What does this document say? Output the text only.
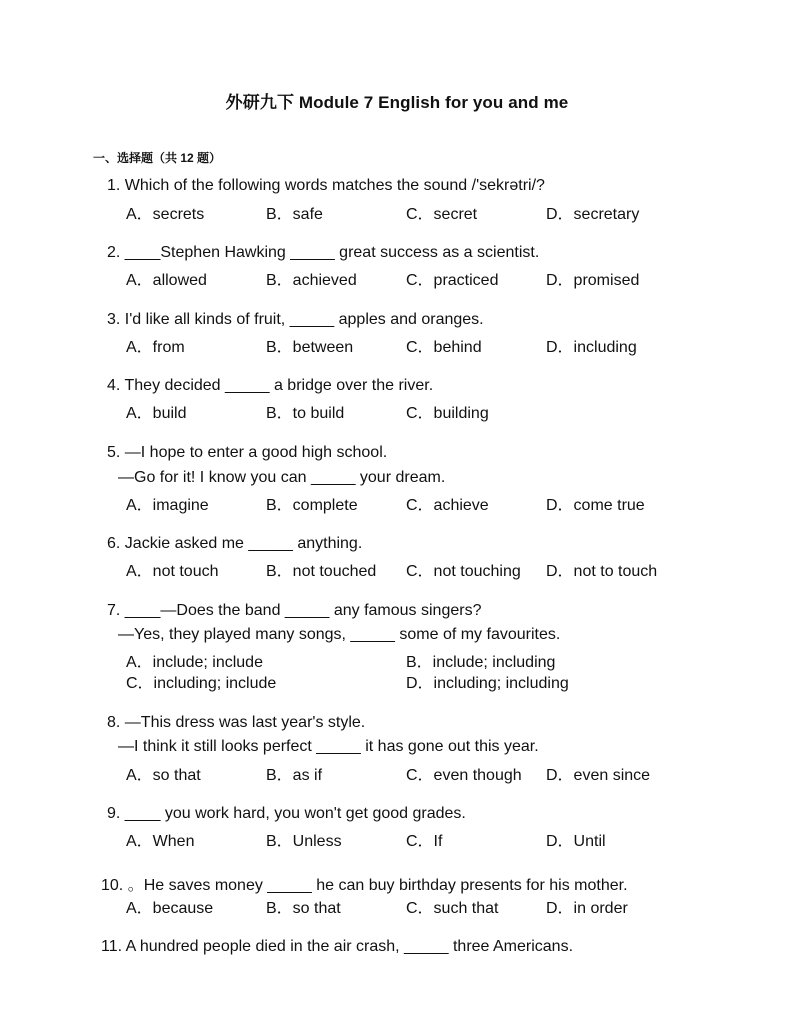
外研九下 Module 7 English for you and me
一、选择题（共 12 题）
1. Which of the following words matches the sound /'sekrətri/?
A．secrets	B．safe	C．secret	D．secretary
2. ____Stephen Hawking _____ great success as a scientist.
A．allowed	B．achieved	C．practiced	D．promised
3. I'd like all kinds of fruit, _____ apples and oranges.
A．from	B．between	C．behind	D．including
4. They decided _____ a bridge over the river.
A．build	B．to build	C．building
5. —I hope to enter a good high school.
—Go for it! I know you can _____ your dream.
A．imagine	B．complete	C．achieve	D．come true
6. Jackie asked me _____ anything.
A．not touch	B．not touched C．not touching D．not to touch
7. ____—Does the band _____ any famous singers?
—Yes, they played many songs, _____ some of my favourites.
A．include; include	B．include; including
C．including; include	D．including; including
8. —This dress was last year's style.
—I think it still looks perfect _____ it has gone out this year.
A．so that	B．as if	C．even though D．even since
9. ____ you work hard, you won't get good grades.
A．When	B．Unless	C．If	D．Until
10. 。He saves money _____ he can buy birthday presents for his mother.
A．because	B．so that	C．such that	D．in order
11. A hundred people died in the air crash, _____ three Americans.
